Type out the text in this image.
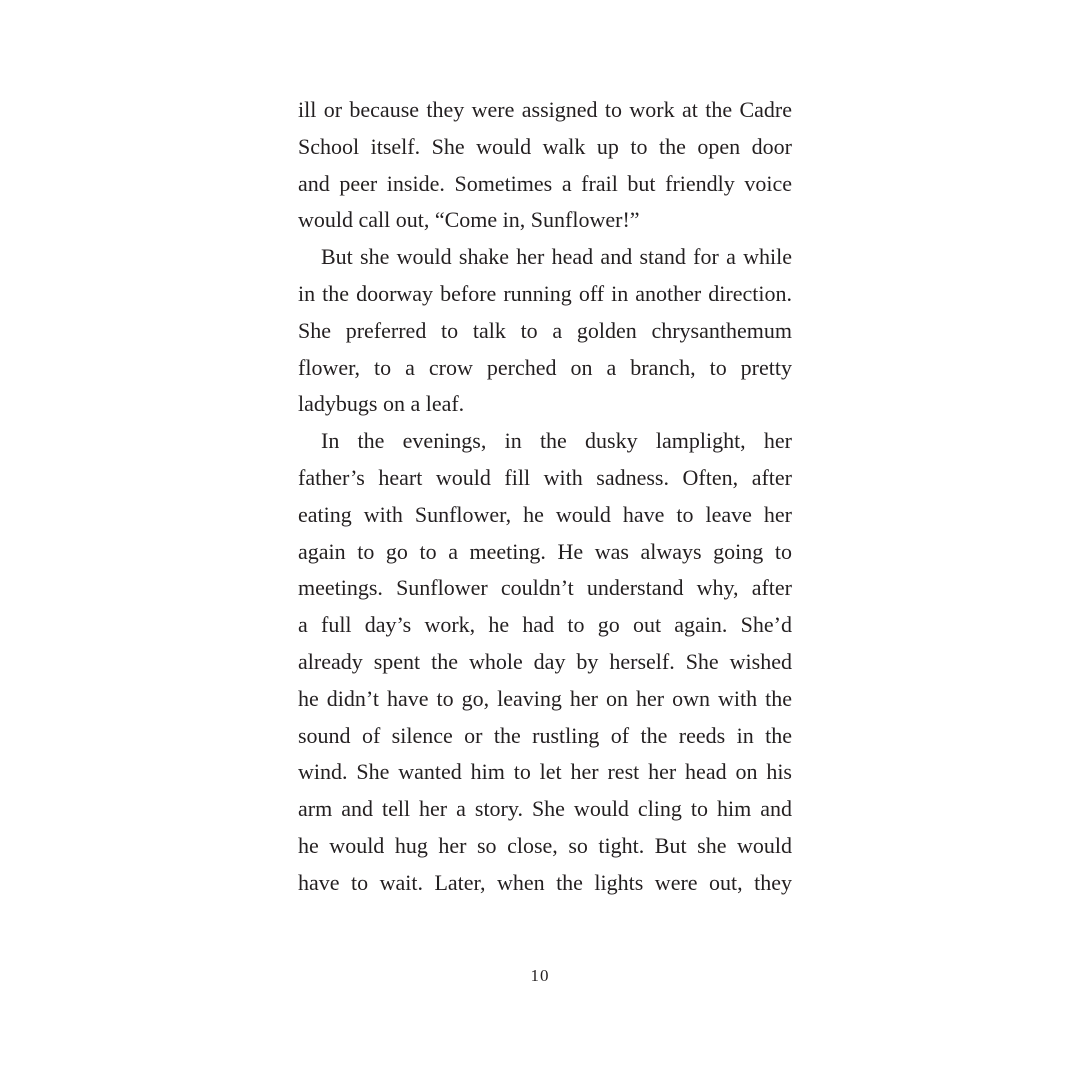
ill or because they were assigned to work at the Cadre
School itself. She would walk up to the open door
and peer inside. Sometimes a frail but friendly voice
would call out, “Come in, Sunflower!”
But she would shake her head and stand for a while
in the doorway before running off in another direction.
She preferred to talk to a golden chrysanthemum
flower, to a crow perched on a branch, to pretty
ladybugs on a leaf.
In the evenings, in the dusky lamplight, her
father’s heart would fill with sadness. Often, after
eating with Sunflower, he would have to leave her
again to go to a meeting. He was always going to
meetings. Sunflower couldn’t understand why, after
a full day’s work, he had to go out again. She’d
already spent the whole day by herself. She wished
he didn’t have to go, leaving her on her own with the
sound of silence or the rustling of the reeds in the
wind. She wanted him to let her rest her head on his
arm and tell her a story. She would cling to him and
he would hug her so close, so tight. But she would
have to wait. Later, when the lights were out, they
10
